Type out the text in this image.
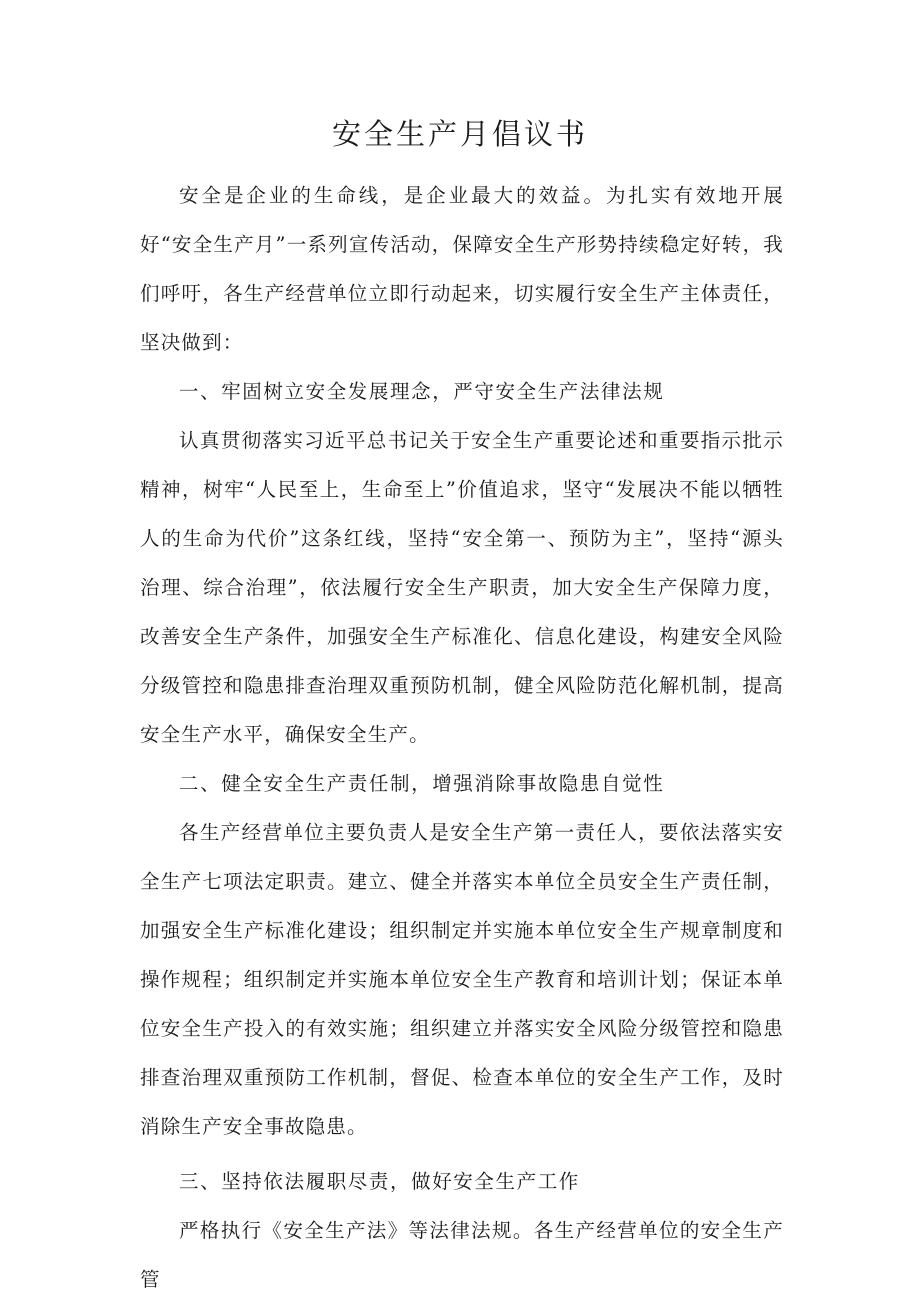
安全生产月倡议书

安全是企业的生命线，是企业最大的效益。为扎实有效地开展好“安全生产月”一系列宣传活动，保障安全生产形势持续稳定好转，我们呼吁，各生产经营单位立即行动起来，切实履行安全生产主体责任，坚决做到：

一、牢固树立安全发展理念，严守安全生产法律法规

认真贯彻落实习近平总书记关于安全生产重要论述和重要指示批示精神，树牢“人民至上，生命至上”价值追求，坚守“发展决不能以牺牲人的生命为代价”这条红线，坚持“安全第一、预防为主”，坚持“源头治理、综合治理”，依法履行安全生产职责，加大安全生产保障力度，改善安全生产条件，加强安全生产标准化、信息化建设，构建安全风险分级管控和隐患排查治理双重预防机制，健全风险防范化解机制，提高安全生产水平，确保安全生产。

二、健全安全生产责任制，增强消除事故隐患自觉性

各生产经营单位主要负责人是安全生产第一责任人，要依法落实安全生产七项法定职责。建立、健全并落实本单位全员安全生产责任制，加强安全生产标准化建设；组织制定并实施本单位安全生产规章制度和操作规程；组织制定并实施本单位安全生产教育和培训计划；保证本单位安全生产投入的有效实施；组织建立并落实安全风险分级管控和隐患排查治理双重预防工作机制，督促、检查本单位的安全生产工作，及时消除生产安全事故隐患。

三、坚持依法履职尽责，做好安全生产工作

严格执行《安全生产法》等法律法规。各生产经营单位的安全生产管
